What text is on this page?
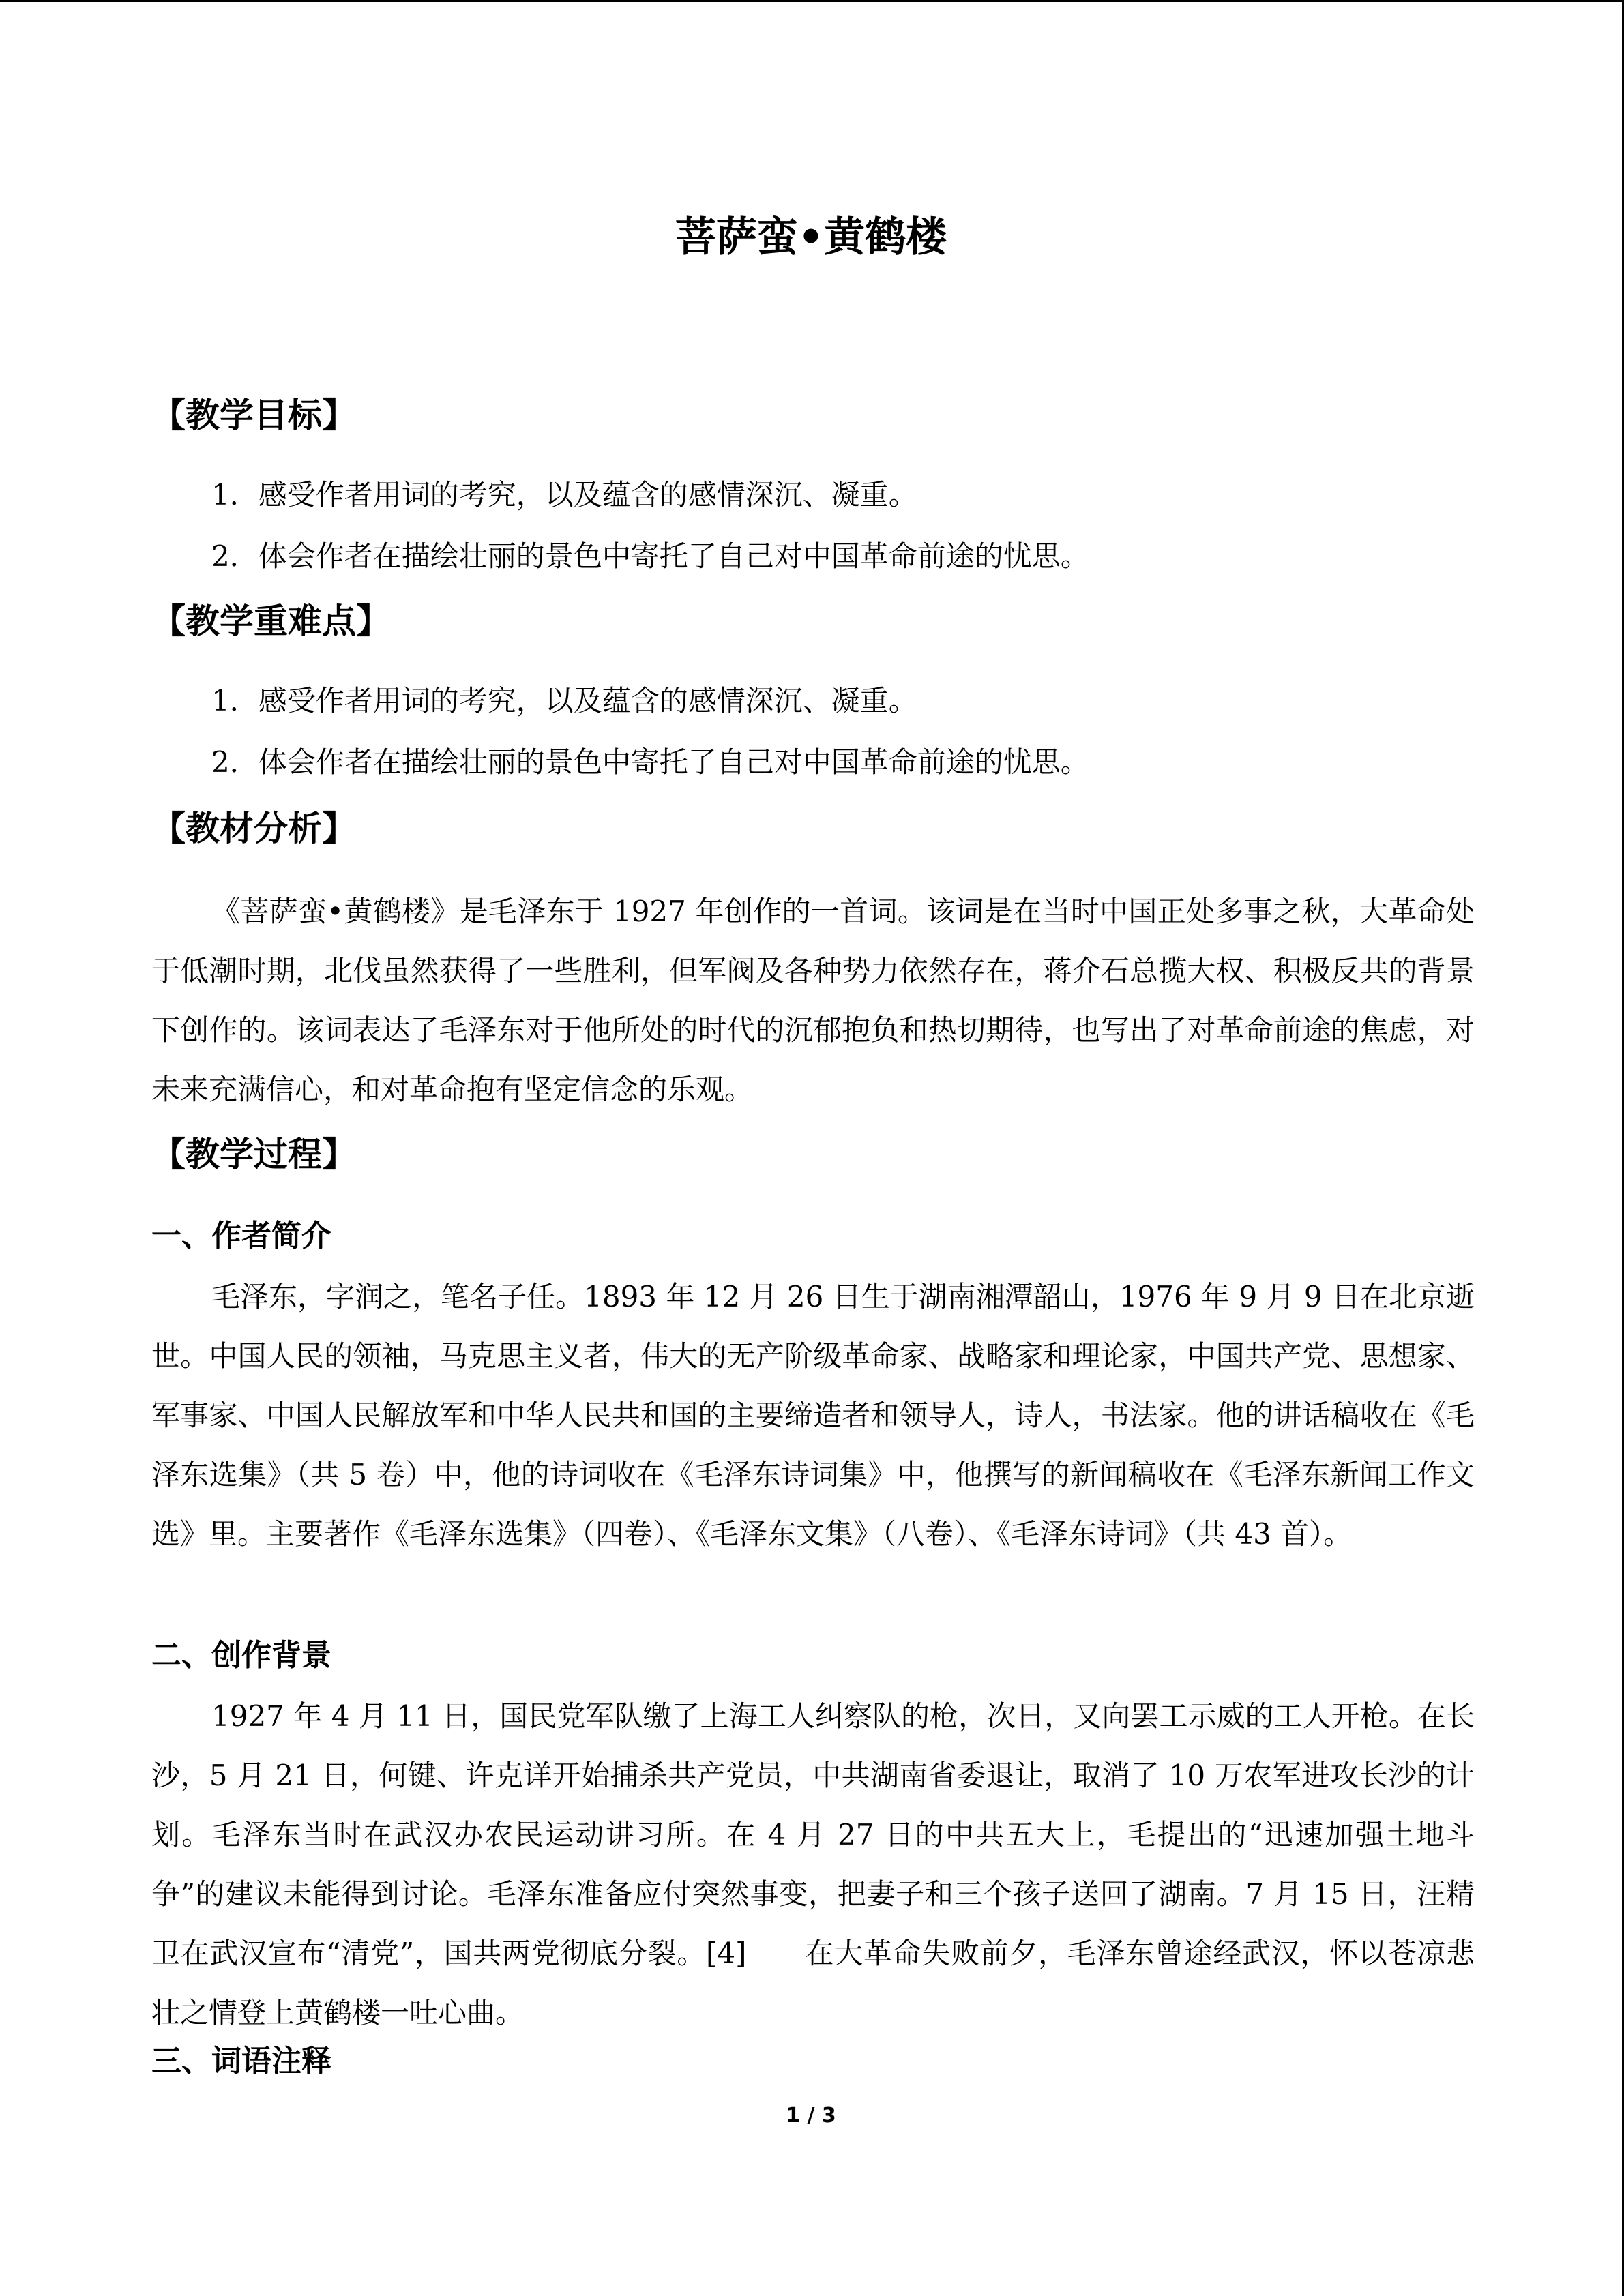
菩萨蛮•黄鹤楼
【教学目标】
1．感受作者用词的考究，以及蕴含的感情深沉、凝重。
2．体会作者在描绘壮丽的景色中寄托了自己对中国革命前途的忧思。
【教学重难点】
1．感受作者用词的考究，以及蕴含的感情深沉、凝重。
2．体会作者在描绘壮丽的景色中寄托了自己对中国革命前途的忧思。
【教材分析】
《菩萨蛮•黄鹤楼》是毛泽东于 1927 年创作的一首词。该词是在当时中国正处多事之秋，大革命处于低潮时期，北伐虽然获得了一些胜利，但军阀及各种势力依然存在，蒋介石总揽大权、积极反共的背景下创作的。该词表达了毛泽东对于他所处的时代的沉郁抱负和热切期待，也写出了对革命前途的焦虑，对未来充满信心，和对革命抱有坚定信念的乐观。
【教学过程】
一、作者简介
毛泽东，字润之，笔名子任。1893 年 12 月 26 日生于湖南湘潭韶山，1976 年 9 月 9 日在北京逝世。中国人民的领袖，马克思主义者，伟大的无产阶级革命家、战略家和理论家，中国共产党、思想家、军事家、中国人民解放军和中华人民共和国的主要缔造者和领导人，诗人，书法家。他的讲话稿收在《毛泽东选集》（共 5 卷）中，他的诗词收在《毛泽东诗词集》中，他撰写的新闻稿收在《毛泽东新闻工作文选》里。主要著作《毛泽东选集》（四卷）、《毛泽东文集》（八卷）、《毛泽东诗词》（共 43 首）。
二、创作背景
1927 年 4 月 11 日，国民党军队缴了上海工人纠察队的枪，次日，又向罢工示威的工人开枪。在长沙，5 月 21 日，何键、许克详开始捕杀共产党员，中共湖南省委退让，取消了 10 万农军进攻长沙的计划。毛泽东当时在武汉办农民运动讲习所。在 4 月 27 日的中共五大上，毛提出的“迅速加强土地斗争”的建议未能得到讨论。毛泽东准备应付突然事变，把妻子和三个孩子送回了湖南。7 月 15 日，汪精卫在武汉宣布“清党”，国共两党彻底分裂。[4]　　在大革命失败前夕，毛泽东曾途经武汉，怀以苍凉悲壮之情登上黄鹤楼一吐心曲。
三、词语注释
1 / 3
